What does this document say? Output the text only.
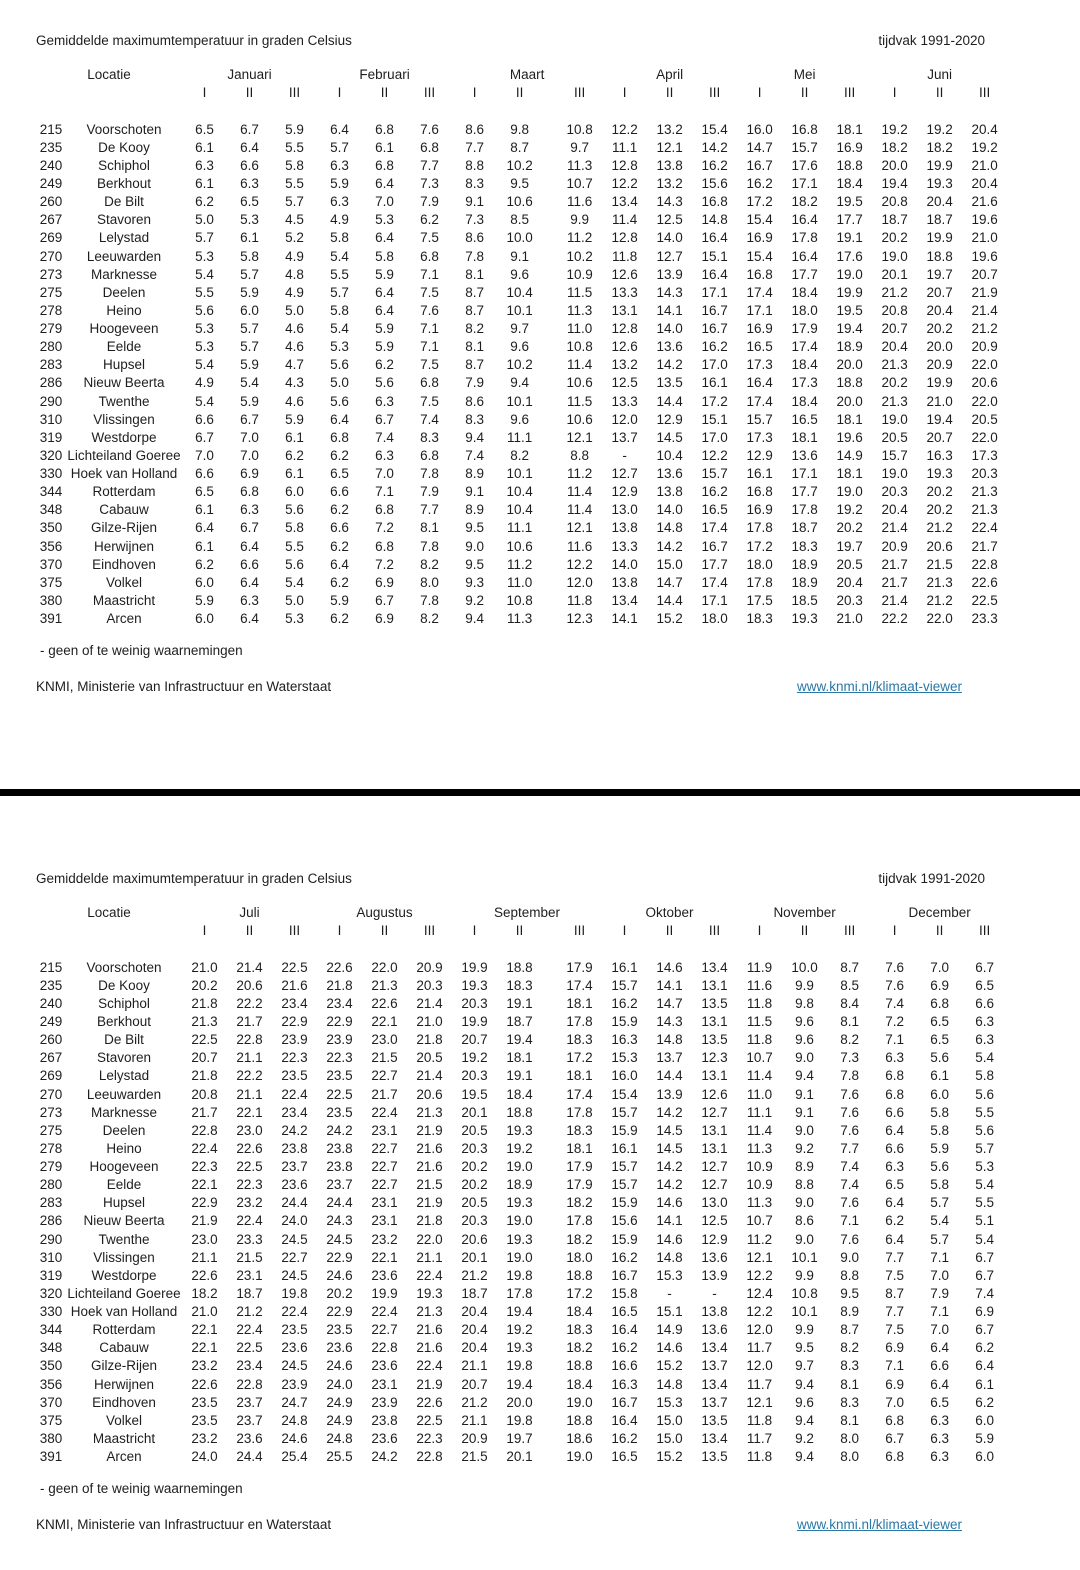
Gemiddelde maximumtemperatuur in graden Celsius	tijdvak 1991-2020
Locatie		Januari			Februari			Maart			April			Mei			Juni		
		I	II	III	I	II	III	I	II	III	I	II	III	I	II	III	I	II	III

215	Voorschoten	6.5	6.7	5.9	6.4	6.8	7.6	8.6	9.8	10.8	12.2	13.2	15.4	16.0	16.8	18.1	19.2	19.2	20.4
235	De Kooy	6.1	6.4	5.5	5.7	6.1	6.8	7.7	8.7	9.7	11.1	12.1	14.2	14.7	15.7	16.9	18.2	18.2	19.2
240	Schiphol	6.3	6.6	5.8	6.3	6.8	7.7	8.8	10.2	11.3	12.8	13.8	16.2	16.7	17.6	18.8	20.0	19.9	21.0
249	Berkhout	6.1	6.3	5.5	5.9	6.4	7.3	8.3	9.5	10.7	12.2	13.2	15.6	16.2	17.1	18.4	19.4	19.3	20.4
260	De Bilt	6.2	6.5	5.7	6.3	7.0	7.9	9.1	10.6	11.6	13.4	14.3	16.8	17.2	18.2	19.5	20.8	20.4	21.6
267	Stavoren	5.0	5.3	4.5	4.9	5.3	6.2	7.3	8.5	9.9	11.4	12.5	14.8	15.4	16.4	17.7	18.7	18.7	19.6
269	Lelystad	5.7	6.1	5.2	5.8	6.4	7.5	8.6	10.0	11.2	12.8	14.0	16.4	16.9	17.8	19.1	20.2	19.9	21.0
270	Leeuwarden	5.3	5.8	4.9	5.4	5.8	6.8	7.8	9.1	10.2	11.8	12.7	15.1	15.4	16.4	17.6	19.0	18.8	19.6
273	Marknesse	5.4	5.7	4.8	5.5	5.9	7.1	8.1	9.6	10.9	12.6	13.9	16.4	16.8	17.7	19.0	20.1	19.7	20.7
275	Deelen	5.5	5.9	4.9	5.7	6.4	7.5	8.7	10.4	11.5	13.3	14.3	17.1	17.4	18.4	19.9	21.2	20.7	21.9
278	Heino	5.6	6.0	5.0	5.8	6.4	7.6	8.7	10.1	11.3	13.1	14.1	16.7	17.1	18.0	19.5	20.8	20.4	21.4
279	Hoogeveen	5.3	5.7	4.6	5.4	5.9	7.1	8.2	9.7	11.0	12.8	14.0	16.7	16.9	17.9	19.4	20.7	20.2	21.2
280	Eelde	5.3	5.7	4.6	5.3	5.9	7.1	8.1	9.6	10.8	12.6	13.6	16.2	16.5	17.4	18.9	20.4	20.0	20.9
283	Hupsel	5.4	5.9	4.7	5.6	6.2	7.5	8.7	10.2	11.4	13.2	14.2	17.0	17.3	18.4	20.0	21.3	20.9	22.0
286	Nieuw Beerta	4.9	5.4	4.3	5.0	5.6	6.8	7.9	9.4	10.6	12.5	13.5	16.1	16.4	17.3	18.8	20.2	19.9	20.6
290	Twenthe	5.4	5.9	4.6	5.6	6.3	7.5	8.6	10.1	11.5	13.3	14.4	17.2	17.4	18.4	20.0	21.3	21.0	22.0
310	Vlissingen	6.6	6.7	5.9	6.4	6.7	7.4	8.3	9.6	10.6	12.0	12.9	15.1	15.7	16.5	18.1	19.0	19.4	20.5
319	Westdorpe	6.7	7.0	6.1	6.8	7.4	8.3	9.4	11.1	12.1	13.7	14.5	17.0	17.3	18.1	19.6	20.5	20.7	22.0
320	Lichteiland Goeree	7.0	7.0	6.2	6.2	6.3	6.8	7.4	8.2	8.8	-	10.4	12.2	12.9	13.6	14.9	15.7	16.3	17.3
330	Hoek van Holland	6.6	6.9	6.1	6.5	7.0	7.8	8.9	10.1	11.2	12.7	13.6	15.7	16.1	17.1	18.1	19.0	19.3	20.3
344	Rotterdam	6.5	6.8	6.0	6.6	7.1	7.9	9.1	10.4	11.4	12.9	13.8	16.2	16.8	17.7	19.0	20.3	20.2	21.3
348	Cabauw	6.1	6.3	5.6	6.2	6.8	7.7	8.9	10.4	11.4	13.0	14.0	16.5	16.9	17.8	19.2	20.4	20.2	21.3
350	Gilze-Rijen	6.4	6.7	5.8	6.6	7.2	8.1	9.5	11.1	12.1	13.8	14.8	17.4	17.8	18.7	20.2	21.4	21.2	22.4
356	Herwijnen	6.1	6.4	5.5	6.2	6.8	7.8	9.0	10.6	11.6	13.3	14.2	16.7	17.2	18.3	19.7	20.9	20.6	21.7
370	Eindhoven	6.2	6.6	5.6	6.4	7.2	8.2	9.5	11.2	12.2	14.0	15.0	17.7	18.0	18.9	20.5	21.7	21.5	22.8
375	Volkel	6.0	6.4	5.4	6.2	6.9	8.0	9.3	11.0	12.0	13.8	14.7	17.4	17.8	18.9	20.4	21.7	21.3	22.6
380	Maastricht	5.9	6.3	5.0	5.9	6.7	7.8	9.2	10.8	11.8	13.4	14.4	17.1	17.5	18.5	20.3	21.4	21.2	22.5
391	Arcen	6.0	6.4	5.3	6.2	6.9	8.2	9.4	11.3	12.3	14.1	15.2	18.0	18.3	19.3	21.0	22.2	22.0	23.3
- geen of te weinig waarnemingen
KNMI, Ministerie van Infrastructuur en Waterstaat	www.knmi.nl/klimaat-viewer
Gemiddelde maximumtemperatuur in graden Celsius	tijdvak 1991-2020
Locatie		Juli			Augustus			September			Oktober			November			December		
		I	II	III	I	II	III	I	II	III	I	II	III	I	II	III	I	II	III

215	Voorschoten	21.0	21.4	22.5	22.6	22.0	20.9	19.9	18.8	17.9	16.1	14.6	13.4	11.9	10.0	8.7	7.6	7.0	6.7
235	De Kooy	20.2	20.6	21.6	21.8	21.3	20.3	19.3	18.3	17.4	15.7	14.1	13.1	11.6	9.9	8.5	7.6	6.9	6.5
240	Schiphol	21.8	22.2	23.4	23.4	22.6	21.4	20.3	19.1	18.1	16.2	14.7	13.5	11.8	9.8	8.4	7.4	6.8	6.6
249	Berkhout	21.3	21.7	22.9	22.9	22.1	21.0	19.9	18.7	17.8	15.9	14.3	13.1	11.5	9.6	8.1	7.2	6.5	6.3
260	De Bilt	22.5	22.8	23.9	23.9	23.0	21.8	20.7	19.4	18.3	16.3	14.8	13.5	11.8	9.6	8.2	7.1	6.5	6.3
267	Stavoren	20.7	21.1	22.3	22.3	21.5	20.5	19.2	18.1	17.2	15.3	13.7	12.3	10.7	9.0	7.3	6.3	5.6	5.4
269	Lelystad	21.8	22.2	23.5	23.5	22.7	21.4	20.3	19.1	18.1	16.0	14.4	13.1	11.4	9.4	7.8	6.8	6.1	5.8
270	Leeuwarden	20.8	21.1	22.4	22.5	21.7	20.6	19.5	18.4	17.4	15.4	13.9	12.6	11.0	9.1	7.6	6.8	6.0	5.6
273	Marknesse	21.7	22.1	23.4	23.5	22.4	21.3	20.1	18.8	17.8	15.7	14.2	12.7	11.1	9.1	7.6	6.6	5.8	5.5
275	Deelen	22.8	23.0	24.2	24.2	23.1	21.9	20.5	19.3	18.3	15.9	14.5	13.1	11.4	9.0	7.6	6.4	5.8	5.6
278	Heino	22.4	22.6	23.8	23.8	22.7	21.6	20.3	19.2	18.1	16.1	14.5	13.1	11.3	9.2	7.7	6.6	5.9	5.7
279	Hoogeveen	22.3	22.5	23.7	23.8	22.7	21.6	20.2	19.0	17.9	15.7	14.2	12.7	10.9	8.9	7.4	6.3	5.6	5.3
280	Eelde	22.1	22.3	23.6	23.7	22.7	21.5	20.2	18.9	17.9	15.7	14.2	12.7	10.9	8.8	7.4	6.5	5.8	5.4
283	Hupsel	22.9	23.2	24.4	24.4	23.1	21.9	20.5	19.3	18.2	15.9	14.6	13.0	11.3	9.0	7.6	6.4	5.7	5.5
286	Nieuw Beerta	21.9	22.4	24.0	24.3	23.1	21.8	20.3	19.0	17.8	15.6	14.1	12.5	10.7	8.6	7.1	6.2	5.4	5.1
290	Twenthe	23.0	23.3	24.5	24.5	23.2	22.0	20.6	19.3	18.2	15.9	14.6	12.9	11.2	9.0	7.6	6.4	5.7	5.4
310	Vlissingen	21.1	21.5	22.7	22.9	22.1	21.1	20.1	19.0	18.0	16.2	14.8	13.6	12.1	10.1	9.0	7.7	7.1	6.7
319	Westdorpe	22.6	23.1	24.5	24.6	23.6	22.4	21.2	19.8	18.8	16.7	15.3	13.9	12.2	9.9	8.8	7.5	7.0	6.7
320	Lichteiland Goeree	18.2	18.7	19.8	20.2	19.9	19.3	18.7	17.8	17.2	15.8	-	-	12.4	10.8	9.5	8.7	7.9	7.4
330	Hoek van Holland	21.0	21.2	22.4	22.9	22.4	21.3	20.4	19.4	18.4	16.5	15.1	13.8	12.2	10.1	8.9	7.7	7.1	6.9
344	Rotterdam	22.1	22.4	23.5	23.5	22.7	21.6	20.4	19.2	18.3	16.4	14.9	13.6	12.0	9.9	8.7	7.5	7.0	6.7
348	Cabauw	22.1	22.5	23.6	23.6	22.8	21.6	20.4	19.3	18.2	16.2	14.6	13.4	11.7	9.5	8.2	6.9	6.4	6.2
350	Gilze-Rijen	23.2	23.4	24.5	24.6	23.6	22.4	21.1	19.8	18.8	16.6	15.2	13.7	12.0	9.7	8.3	7.1	6.6	6.4
356	Herwijnen	22.6	22.8	23.9	24.0	23.1	21.9	20.7	19.4	18.4	16.3	14.8	13.4	11.7	9.4	8.1	6.9	6.4	6.1
370	Eindhoven	23.5	23.7	24.7	24.9	23.9	22.6	21.2	20.0	19.0	16.7	15.3	13.7	12.1	9.6	8.3	7.0	6.5	6.2
375	Volkel	23.5	23.7	24.8	24.9	23.8	22.5	21.1	19.8	18.8	16.4	15.0	13.5	11.8	9.4	8.1	6.8	6.3	6.0
380	Maastricht	23.2	23.6	24.6	24.8	23.6	22.3	20.9	19.7	18.6	16.2	15.0	13.4	11.7	9.2	8.0	6.7	6.3	5.9
391	Arcen	24.0	24.4	25.4	25.5	24.2	22.8	21.5	20.1	19.0	16.5	15.2	13.5	11.8	9.4	8.0	6.8	6.3	6.0
- geen of te weinig waarnemingen
KNMI, Ministerie van Infrastructuur en Waterstaat	www.knmi.nl/klimaat-viewer
